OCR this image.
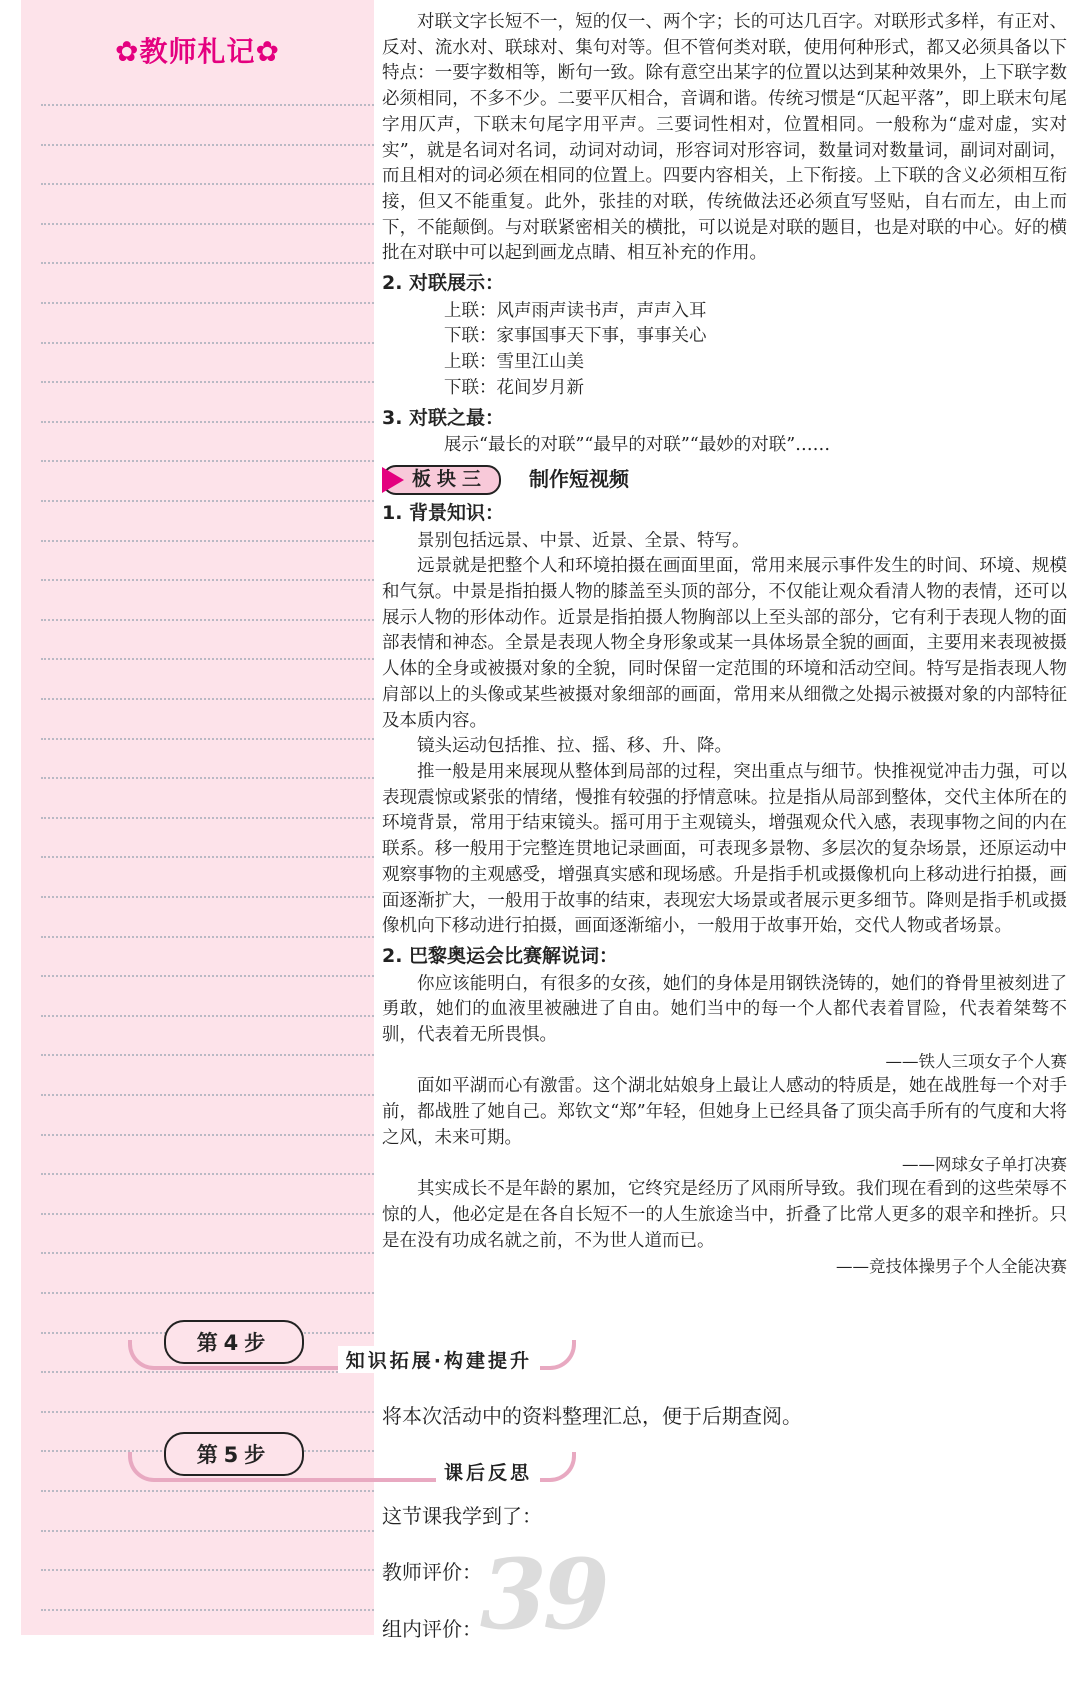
✿教师札记✿

对联文字长短不一，短的仅一、两个字；长的可达几百字。对联形式多样，有正对、反对、流水对、联球对、集句对等。但不管何类对联，使用何种形式，都又必须具备以下特点：一要字数相等，断句一致。除有意空出某字的位置以达到某种效果外，上下联字数必须相同，不多不少。二要平仄相合，音调和谐。传统习惯是“仄起平落”，即上联末句尾字用仄声，下联末句尾字用平声。三要词性相对，位置相同。一般称为“虚对虚，实对实”，就是名词对名词，动词对动词，形容词对形容词，数量词对数量词，副词对副词，而且相对的词必须在相同的位置上。四要内容相关，上下衔接。上下联的含义必须相互衔接，但又不能重复。此外，张挂的对联，传统做法还必须直写竖贴，自右而左，由上而下，不能颠倒。与对联紧密相关的横批，可以说是对联的题目，也是对联的中心。好的横批在对联中可以起到画龙点睛、相互补充的作用。

2. 对联展示：
上联：风声雨声读书声，声声入耳
下联：家事国事天下事，事事关心
上联：雪里江山美
下联：花间岁月新
3. 对联之最：
展示“最长的对联”“最早的对联”“最妙的对联”……
板块三 制作短视频
1. 背景知识：

景别包括远景、中景、近景、全景、特写。

远景就是把整个人和环境拍摄在画面里面，常用来展示事件发生的时间、环境、规模和气氛。中景是指拍摄人物的膝盖至头顶的部分，不仅能让观众看清人物的表情，还可以展示人物的形体动作。近景是指拍摄人物胸部以上至头部的部分，它有利于表现人物的面部表情和神态。全景是表现人物全身形象或某一具体场景全貌的画面，主要用来表现被摄人体的全身或被摄对象的全貌，同时保留一定范围的环境和活动空间。特写是指表现人物肩部以上的头像或某些被摄对象细部的画面，常用来从细微之处揭示被摄对象的内部特征及本质内容。

镜头运动包括推、拉、摇、移、升、降。

推一般是用来展现从整体到局部的过程，突出重点与细节。快推视觉冲击力强，可以表现震惊或紧张的情绪，慢推有较强的抒情意味。拉是指从局部到整体，交代主体所在的环境背景，常用于结束镜头。摇可用于主观镜头，增强观众代入感，表现事物之间的内在联系。移一般用于完整连贯地记录画面，可表现多景物、多层次的复杂场景，还原运动中观察事物的主观感受，增强真实感和现场感。升是指手机或摄像机向上移动进行拍摄，画面逐渐扩大，一般用于故事的结束，表现宏大场景或者展示更多细节。降则是指手机或摄像机向下移动进行拍摄，画面逐渐缩小，一般用于故事开始，交代人物或者场景。

2. 巴黎奥运会比赛解说词：

你应该能明白，有很多的女孩，她们的身体是用钢铁浇铸的，她们的脊骨里被刻进了勇敢，她们的血液里被融进了自由。她们当中的每一个人都代表着冒险，代表着桀骜不驯，代表着无所畏惧。

——铁人三项女子个人赛

面如平湖而心有激雷。这个湖北姑娘身上最让人感动的特质是，她在战胜每一个对手前，都战胜了她自己。郑钦文“郑”年轻，但她身上已经具备了顶尖高手所有的气度和大将之风，未来可期。

——网球女子单打决赛

其实成长不是年龄的累加，它终究是经历了风雨所导致。我们现在看到的这些荣辱不惊的人，他必定是在各自长短不一的人生旅途当中，折叠了比常人更多的艰辛和挫折。只是在没有功成名就之前，不为世人道而已。

——竞技体操男子个人全能决赛
第4步
知识拓展·构建提升
将本次活动中的资料整理汇总，便于后期查阅。
第5步
课后反思
这节课我学到了：
39
教师评价：
组内评价：
